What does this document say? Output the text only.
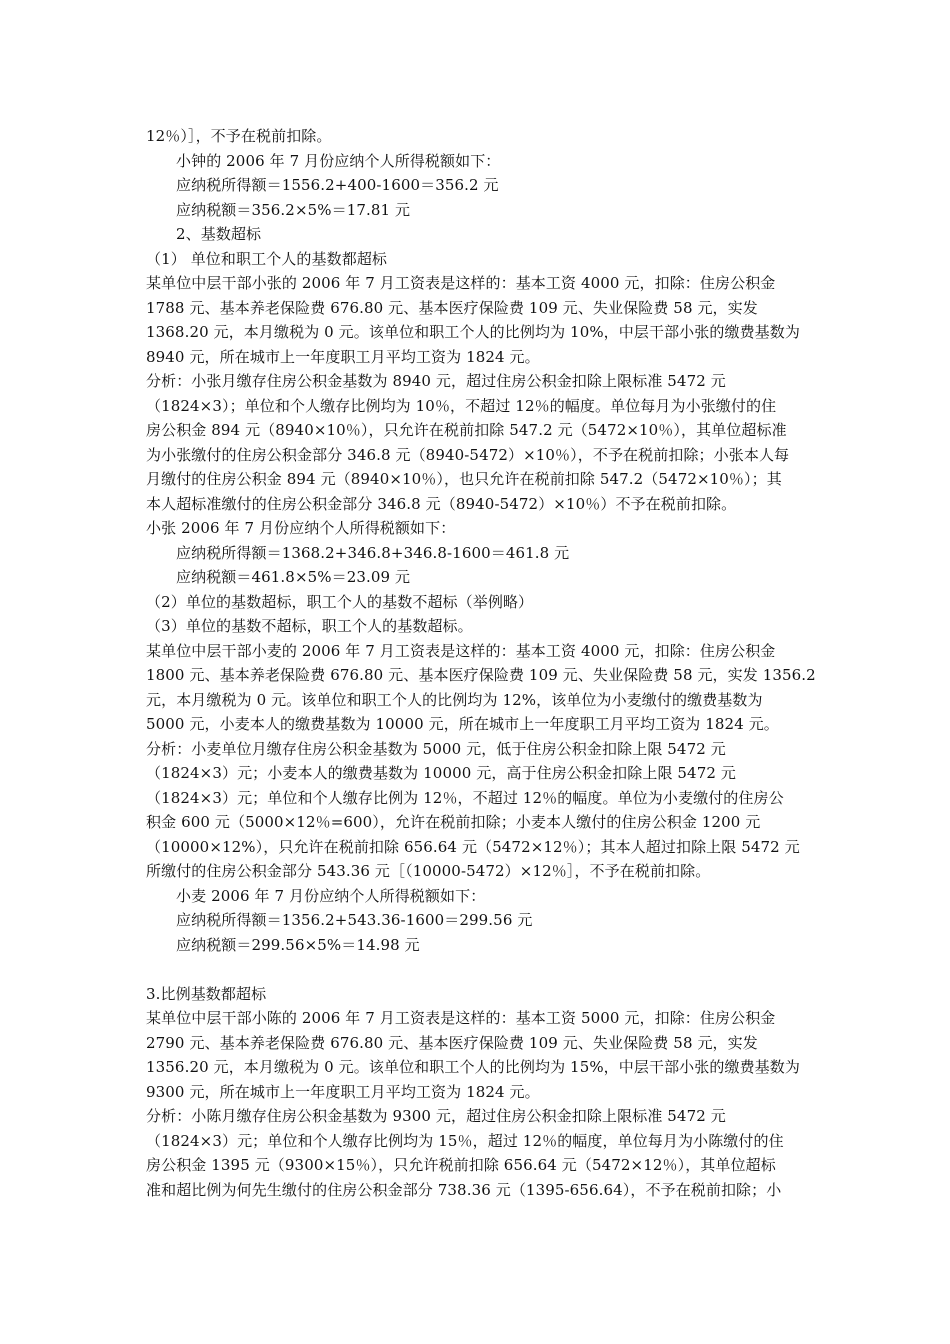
12％）］，不予在税前扣除。
小钟的 2006 年 7 月份应纳个人所得税额如下：
应纳税所得额＝1556.2+400-1600＝356.2 元
应纳税额＝356.2×5%＝17.81 元
2、基数超标
（1） 单位和职工个人的基数都超标
某单位中层干部小张的 2006 年 7 月工资表是这样的：基本工资 4000 元，扣除：住房公积金
1788 元、基本养老保险费 676.80 元、基本医疗保险费 109 元、失业保险费 58 元，实发
1368.20 元，本月缴税为 0 元。该单位和职工个人的比例均为 10%，中层干部小张的缴费基数为
8940 元，所在城市上一年度职工月平均工资为 1824 元。
分析：小张月缴存住房公积金基数为 8940 元，超过住房公积金扣除上限标准 5472 元
（1824×3）；单位和个人缴存比例均为 10％，不超过 12％的幅度。单位每月为小张缴付的住
房公积金 894 元（8940×10％），只允许在税前扣除 547.2 元（5472×10％），其单位超标准
为小张缴付的住房公积金部分 346.8 元（8940-5472）×10％），不予在税前扣除；小张本人每
月缴付的住房公积金 894 元（8940×10％），也只允许在税前扣除 547.2（5472×10％）；其
本人超标准缴付的住房公积金部分 346.8 元（8940-5472）×10％）不予在税前扣除。
小张 2006 年 7 月份应纳个人所得税额如下：
应纳税所得额＝1368.2+346.8+346.8-1600＝461.8 元
应纳税额＝461.8×5%＝23.09 元
（2）单位的基数超标，职工个人的基数不超标（举例略）
（3）单位的基数不超标，职工个人的基数超标。
某单位中层干部小麦的 2006 年 7 月工资表是这样的：基本工资 4000 元，扣除：住房公积金
1800 元、基本养老保险费 676.80 元、基本医疗保险费 109 元、失业保险费 58 元，实发 1356.2
元，本月缴税为 0 元。该单位和职工个人的比例均为 12%，该单位为小麦缴付的缴费基数为
5000 元，小麦本人的缴费基数为 10000 元，所在城市上一年度职工月平均工资为 1824 元。
分析：小麦单位月缴存住房公积金基数为 5000 元，低于住房公积金扣除上限 5472 元
（1824×3）元；小麦本人的缴费基数为 10000 元，高于住房公积金扣除上限 5472 元
（1824×3）元；单位和个人缴存比例为 12％，不超过 12％的幅度。单位为小麦缴付的住房公
积金 600 元（5000×12％=600），允许在税前扣除；小麦本人缴付的住房公积金 1200 元
（10000×12%），只允许在税前扣除 656.64 元（5472×12％）；其本人超过扣除上限 5472 元
所缴付的住房公积金部分 543.36 元［（10000-5472）×12％］，不予在税前扣除。
小麦 2006 年 7 月份应纳个人所得税额如下：
应纳税所得额＝1356.2+543.36-1600＝299.56 元
应纳税额＝299.56×5%＝14.98 元
3.比例基数都超标
某单位中层干部小陈的 2006 年 7 月工资表是这样的：基本工资 5000 元，扣除：住房公积金
2790 元、基本养老保险费 676.80 元、基本医疗保险费 109 元、失业保险费 58 元，实发
1356.20 元，本月缴税为 0 元。该单位和职工个人的比例均为 15%，中层干部小张的缴费基数为
9300 元，所在城市上一年度职工月平均工资为 1824 元。
分析：小陈月缴存住房公积金基数为 9300 元，超过住房公积金扣除上限标准 5472 元
（1824×3）元；单位和个人缴存比例均为 15％，超过 12％的幅度，单位每月为小陈缴付的住
房公积金 1395 元（9300×15％），只允许税前扣除 656.64 元（5472×12％），其单位超标
准和超比例为何先生缴付的住房公积金部分 738.36 元（1395-656.64），不予在税前扣除；小
